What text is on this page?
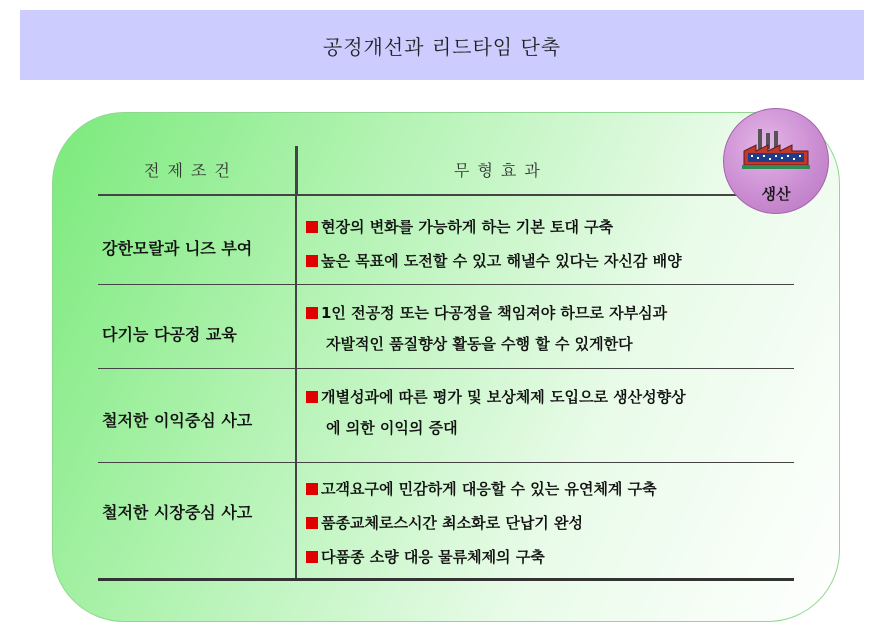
공정개선과 리드타임 단축
전제조건	무형효과
강한모랄과 니즈 부여
현장의 변화를 가능하게 하는 기본 토대 구축
높은 목표에 도전할 수 있고 해낼수 있다는 자신감 배양
다기능 다공정 교육
1인 전공정 또는 다공정을 책임져야 하므로 자부심과
자발적인 품질향상 활동을 수행 할 수 있게한다
철저한 이익중심 사고
개별성과에 따른 평가 및 보상체제 도입으로 생산성향상
에 의한 이익의 증대
철저한 시장중심 사고
고객요구에 민감하게 대응할 수 있는 유연체계 구축
품종교체로스시간 최소화로 단납기 완성
다품종 소량 대응 물류체제의 구축
생산
